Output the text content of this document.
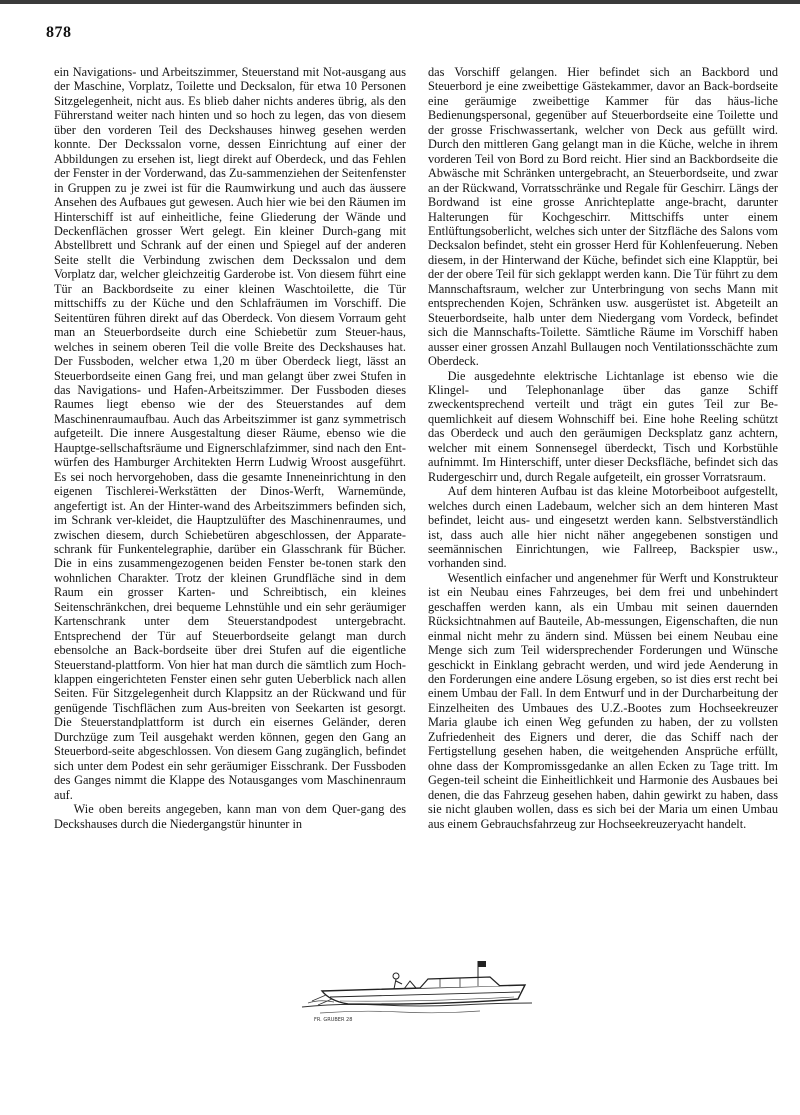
878

ein Navigations- und Arbeitszimmer, Steuerstand mit Not-ausgang aus der Maschine, Vorplatz, Toilette und Decksalon, für etwa 10 Personen Sitzgelegenheit, nicht aus. Es blieb daher nichts anderes übrig, als den Führerstand weiter nach hinten und so hoch zu legen, das von diesem über den vorderen Teil des Deckshauses hinweg gesehen werden konnte. Der Deckssalon vorne, dessen Einrichtung auf einer der Abbildungen zu ersehen ist, liegt direkt auf Oberdeck, und das Fehlen der Fenster in der Vorderwand, das Zu-sammenziehen der Seitenfenster in Gruppen zu je zwei ist für die Raumwirkung und auch das äussere Ansehen des Aufbaues gut gewesen. Auch hier wie bei den Räumen im Hinterschiff ist auf einheitliche, feine Gliederung der Wände und Deckenflächen grosser Wert gelegt. Ein kleiner Durch-gang mit Abstellbrett und Schrank auf der einen und Spiegel auf der anderen Seite stellt die Verbindung zwischen dem Deckssalon und dem Vorplatz dar, welcher gleichzeitig Garderobe ist. Von diesem führt eine Tür an Backbordseite zu einer kleinen Waschtoilette, die Tür mittschiffs zu der Küche und den Schlafräumen im Vorschiff. Die Seitentüren führen direkt auf das Oberdeck. Von diesem Vorraum geht man an Steuerbordseite durch eine Schiebetür zum Steuer-haus, welches in seinem oberen Teil die volle Breite des Deckshauses hat. Der Fussboden, welcher etwa 1,20 m über Oberdeck liegt, lässt an Steuerbordseite einen Gang frei, und man gelangt über zwei Stufen in das Navigations- und Hafen-Arbeitszimmer. Der Fussboden dieses Raumes liegt ebenso wie der des Steuerstandes auf dem Maschinenraumaufbau. Auch das Arbeitszimmer ist ganz symmetrisch aufgeteilt. Die innere Ausgestaltung dieser Räume, ebenso wie die Hauptge-sellschaftsräume und Eignerschlafzimmer, sind nach den Ent-würfen des Hamburger Architekten Herrn Ludwig Wroost ausgeführt. Es sei noch hervorgehoben, dass die gesamte Inneneinrichtung in den eigenen Tischlerei-Werkstätten der Dinos-Werft, Warnemünde, angefertigt ist. An der Hinter-wand des Arbeitszimmers befinden sich, im Schrank ver-kleidet, die Hauptzulüfter des Maschinenraumes, und zwischen diesem, durch Schiebetüren abgeschlossen, der Apparate-schrank für Funkentelegraphie, darüber ein Glasschrank für Bücher. Die in eins zusammengezogenen beiden Fenster be-tonen stark den wohnlichen Charakter. Trotz der kleinen Grundfläche sind in dem Raum ein grosser Karten- und Schreibtisch, ein kleines Seitenschränkchen, drei bequeme Lehnstühle und ein sehr geräumiger Kartenschrank unter dem Steuerstandpodest untergebracht. Entsprechend der Tür auf Steuerbordseite gelangt man durch ebensolche an Back-bordseite über drei Stufen auf die eigentliche Steuerstand-plattform. Von hier hat man durch die sämtlich zum Hoch-klappen eingerichteten Fenster einen sehr guten Ueberblick nach allen Seiten. Für Sitzgelegenheit durch Klappsitz an der Rückwand und für genügende Tischflächen zum Aus-breiten von Seekarten ist gesorgt. Die Steuerstandplattform ist durch ein eisernes Geländer, deren Durchzüge zum Teil ausgehakt werden können, gegen den Gang an Steuerbord-seite abgeschlossen. Von diesem Gang zugänglich, befindet sich unter dem Podest ein sehr geräumiger Eisschrank. Der Fussboden des Ganges nimmt die Klappe des Notausganges vom Maschinenraum auf.

Wie oben bereits angegeben, kann man von dem Quer-gang des Deckshauses durch die Niedergangstür hinunter in

das Vorschiff gelangen. Hier befindet sich an Backbord und Steuerbord je eine zweibettige Gästekammer, davor an Back-bordseite eine geräumige zweibettige Kammer für das häus-liche Bedienungspersonal, gegenüber auf Steuerbordseite eine Toilette und der grosse Frischwassertank, welcher von Deck aus gefüllt wird. Durch den mittleren Gang gelangt man in die Küche, welche in ihrem vorderen Teil von Bord zu Bord reicht. Hier sind an Backbordseite die Abwäsche mit Schränken untergebracht, an Steuerbordseite, und zwar an der Rückwand, Vorratsschränke und Regale für Geschirr. Längs der Bordwand ist eine grosse Anrichteplatte ange-bracht, darunter Halterungen für Kochgeschirr. Mittschiffs unter einem Entlüftungsoberlicht, welches sich unter der Sitzfläche des Salons vom Decksalon befindet, steht ein grosser Herd für Kohlenfeuerung. Neben diesem, in der Hinterwand der Küche, befindet sich eine Klapptür, bei der der obere Teil für sich geklappt werden kann. Die Tür führt zu dem Mannschaftsraum, welcher zur Unterbringung von sechs Mann mit entsprechenden Kojen, Schränken usw. ausgerüstet ist. Abgeteilt an Steuerbordseite, halb unter dem Niedergang vom Vordeck, befindet sich die Mannschafts-Toilette. Sämtliche Räume im Vorschiff haben ausser einer grossen Anzahl Bullaugen noch Ventilationsschächte zum Oberdeck.

Die ausgedehnte elektrische Lichtanlage ist ebenso wie die Klingel- und Telephonanlage über das ganze Schiff zweckentsprechend verteilt und trägt ein gutes Teil zur Be-quemlichkeit auf diesem Wohnschiff bei. Eine hohe Reeling schützt das Oberdeck und auch den geräumigen Decksplatz ganz achtern, welcher mit einem Sonnensegel überdeckt, Tisch und Korbstühle aufnimmt. Im Hinterschiff, unter dieser Decksfläche, befindet sich das Rudergeschirr und, durch Regale aufgeteilt, ein grosser Vorratsraum.

Auf dem hinteren Aufbau ist das kleine Motorbeiboot aufgestellt, welches durch einen Ladebaum, welcher sich an dem hinteren Mast befindet, leicht aus- und eingesetzt werden kann. Selbstverständlich ist, dass auch alle hier nicht näher angegebenen sonstigen und seemännischen Einrichtungen, wie Fallreep, Backspier usw., vorhanden sind.

Wesentlich einfacher und angenehmer für Werft und Konstrukteur ist ein Neubau eines Fahrzeuges, bei dem frei und unbehindert geschaffen werden kann, als ein Umbau mit seinen dauernden Rücksichtnahmen auf Bauteile, Ab-messungen, Eigenschaften, die nun einmal nicht mehr zu ändern sind. Müssen bei einem Neubau eine Menge sich zum Teil widersprechender Forderungen und Wünsche geschickt in Einklang gebracht werden, und wird jede Aenderung in den Forderungen eine andere Lösung ergeben, so ist dies erst recht bei einem Umbau der Fall. In dem Entwurf und in der Durcharbeitung der Einzelheiten des Umbaues des U.Z.-Bootes zum Hochseekreuzer Maria glaube ich einen Weg gefunden zu haben, der zu vollsten Zufriedenheit des Eigners und derer, die das Schiff nach der Fertigstellung gesehen haben, die weitgehenden Ansprüche erfüllt, ohne dass der Kompromissgedanke an allen Ecken zu Tage tritt. Im Gegen-teil scheint die Einheitlichkeit und Harmonie des Ausbaues bei denen, die das Fahrzeug gesehen haben, dahin gewirkt zu haben, dass sie nicht glauben wollen, dass es sich bei der Maria um einen Umbau aus einem Gebrauchsfahrzeug zur Hochseekreuzeryacht handelt.

FR. GRUBER 28
